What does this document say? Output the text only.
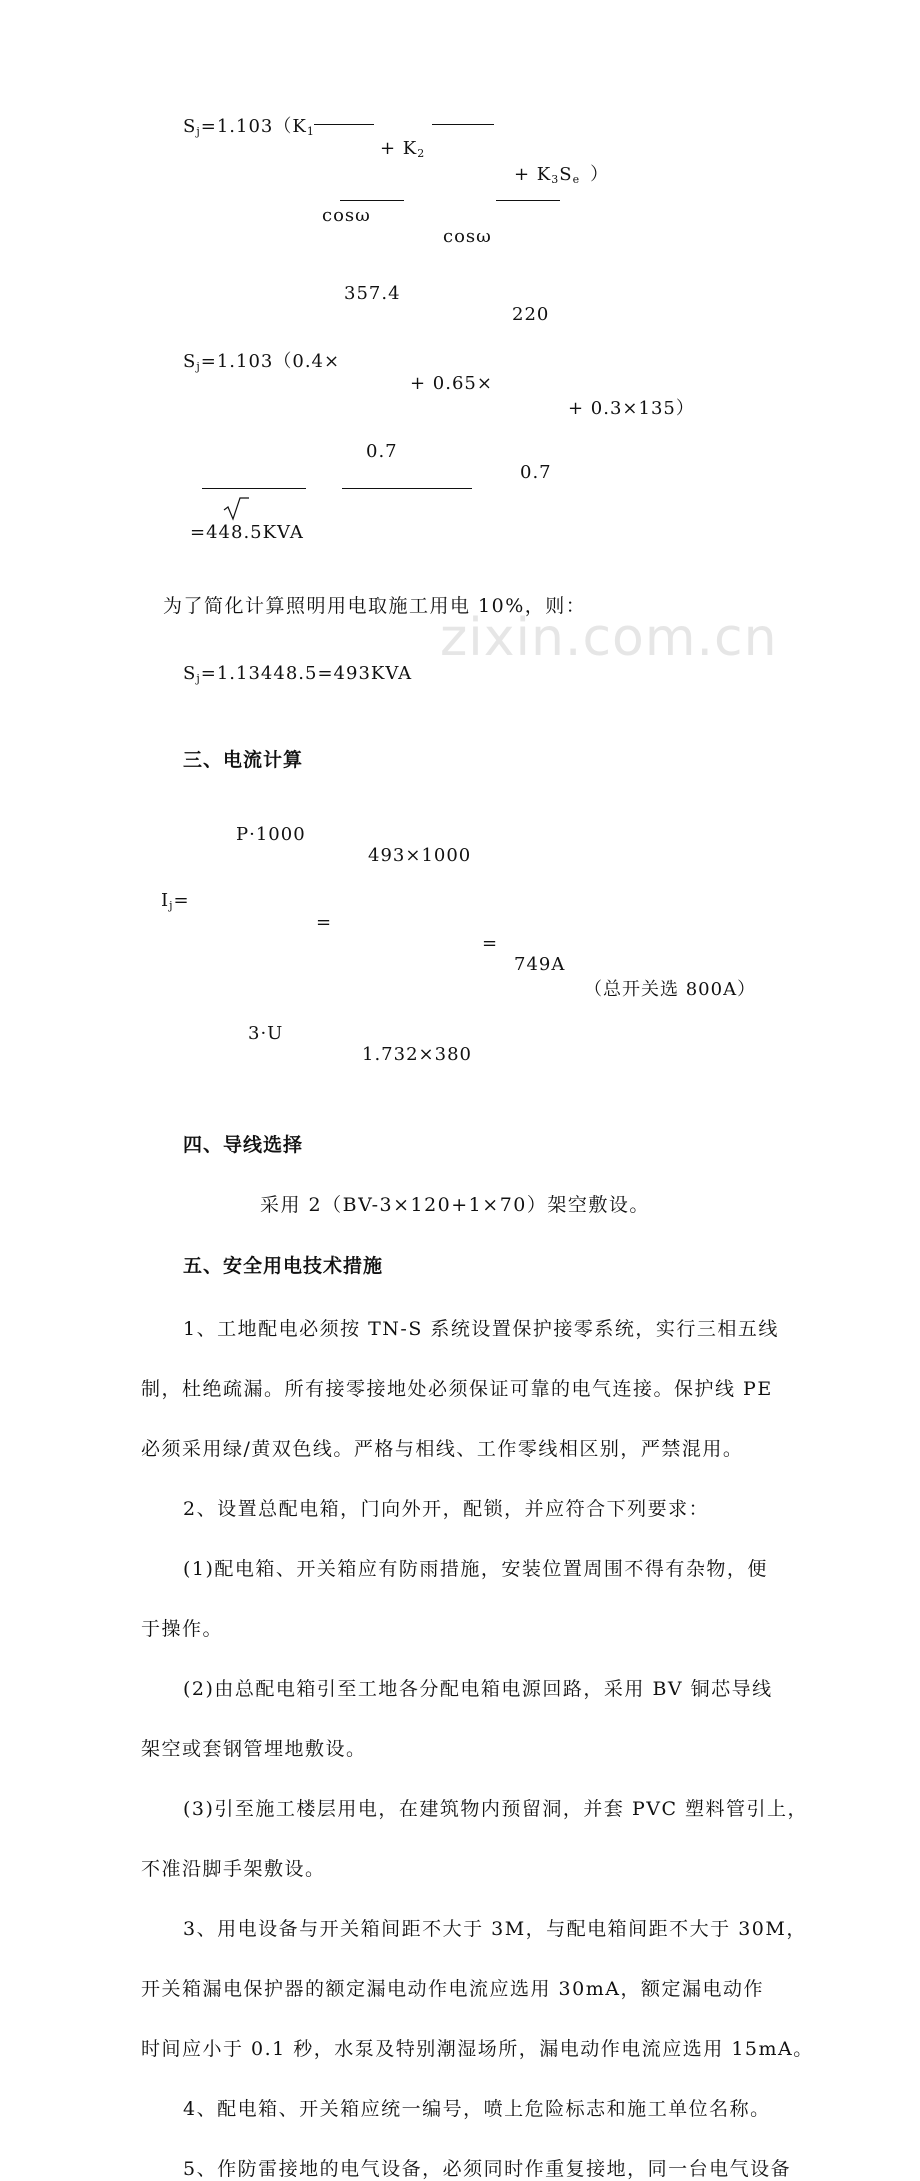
zixin.com.cn
$S_j=1.103(K_1$
+ $K_2$
+ $K_3S_e$ ）
cosω
cosω
357.4
220
$S_j=1.103(0.4\times$
+ 0.65×
+ 0.3×135）
0.7
0.7
=448.5KVA
为了简化计算照明用电取施工用电 10%，则：
$S_j=1.13448.5=493KVA$
三、电流计算
P·1000
493×1000
$I_j=$
=
=
749A
（总开关选 800A）
3·U
1.732×380
四、导线选择
采用 2（BV-3×120+1×70）架空敷设。
五、安全用电技术措施
1、工地配电必须按 TN-S 系统设置保护接零系统，实行三相五线
制，杜绝疏漏。所有接零接地处必须保证可靠的电气连接。保护线 PE
必须采用绿/黄双色线。严格与相线、工作零线相区别，严禁混用。
2、设置总配电箱，门向外开，配锁，并应符合下列要求：
(1)配电箱、开关箱应有防雨措施，安装位置周围不得有杂物，便
于操作。
(2)由总配电箱引至工地各分配电箱电源回路，采用 BV 铜芯导线
架空或套钢管埋地敷设。
(3)引至施工楼层用电，在建筑物内预留洞，并套 PVC 塑料管引上，
不准沿脚手架敷设。
3、用电设备与开关箱间距不大于 3M，与配电箱间距不大于 30M，
开关箱漏电保护器的额定漏电动作电流应选用 30mA，额定漏电动作
时间应小于 0.1 秒，水泵及特别潮湿场所，漏电动作电流应选用 15mA。
4、配电箱、开关箱应统一编号，喷上危险标志和施工单位名称。
5、作防雷接地的电气设备，必须同时作重复接地，同一台电气设备
